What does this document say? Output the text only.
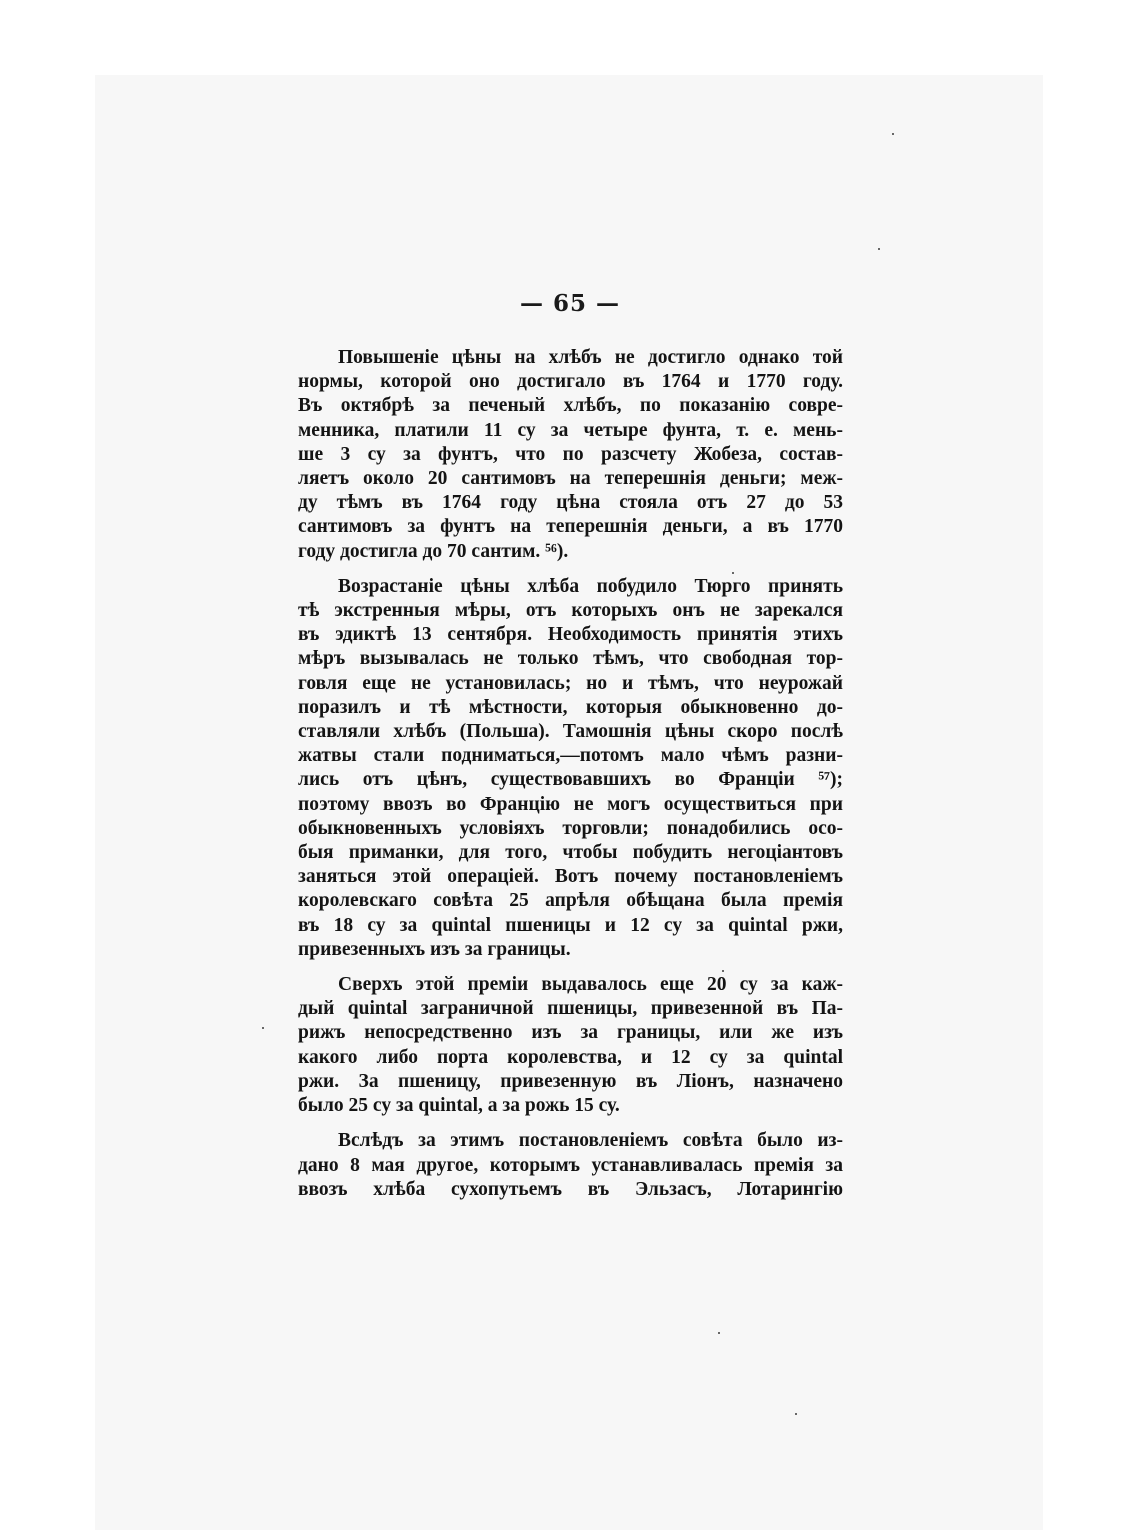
— 65 —

Повышеніе цѣны на хлѣбъ не достигло однако той
нормы, которой оно достигало въ 1764 и 1770 году.
Въ октябрѣ за печеный хлѣбъ, по показанію совре-
менника, платили 11 су за четыре фунта, т. е. мень-
ше 3 су за фунтъ, что по разсчету Жобеза, состав-
ляетъ около 20 сантимовъ на теперешнія деньги; меж-
ду тѣмъ въ 1764 году цѣна стояла отъ 27 до 53
сантимовъ за фунтъ на теперешнія деньги, а въ 1770
году достигла до 70 сантим. ⁵⁶).

Возрастаніе цѣны хлѣба побудило Тюрго принять
тѣ экстренныя мѣры, отъ которыхъ онъ не зарекался
въ эдиктѣ 13 сентября. Необходимость принятія этихъ
мѣръ вызывалась не только тѣмъ, что свободная тор-
говля еще не установилась; но и тѣмъ, что неурожай
поразилъ и тѣ мѣстности, которыя обыкновенно до-
ставляли хлѣбъ (Польша). Тамошнія цѣны скоро послѣ
жатвы стали подниматься,—потомъ мало чѣмъ разни-
лись отъ цѣнъ, существовавшихъ во Франціи ⁵⁷);
поэтому ввозъ во Францію не могъ осуществиться при
обыкновенныхъ условіяхъ торговли; понадобились осо-
быя приманки, для того, чтобы побудить негоціантовъ
заняться этой операціей. Вотъ почему постановленіемъ
королевскаго совѣта 25 апрѣля обѣщана была премія
въ 18 су за quintal пшеницы и 12 су за quintal ржи,
привезенныхъ изъ за границы.

Сверхъ этой преміи выдавалось еще 20 су за каж-
дый quintal заграничной пшеницы, привезенной въ Па-
рижъ непосредственно изъ за границы, или же изъ
какого либо порта королевства, и 12 су за quintal
ржи. За пшеницу, привезенную въ Ліонъ, назначено
было 25 су за quintal, а за рожь 15 су.

Вслѣдъ за этимъ постановленіемъ совѣта было из-
дано 8 мая другое, которымъ устанавливалась премія за
ввозъ хлѣба сухопутьемъ въ Эльзасъ, Лотарингію
